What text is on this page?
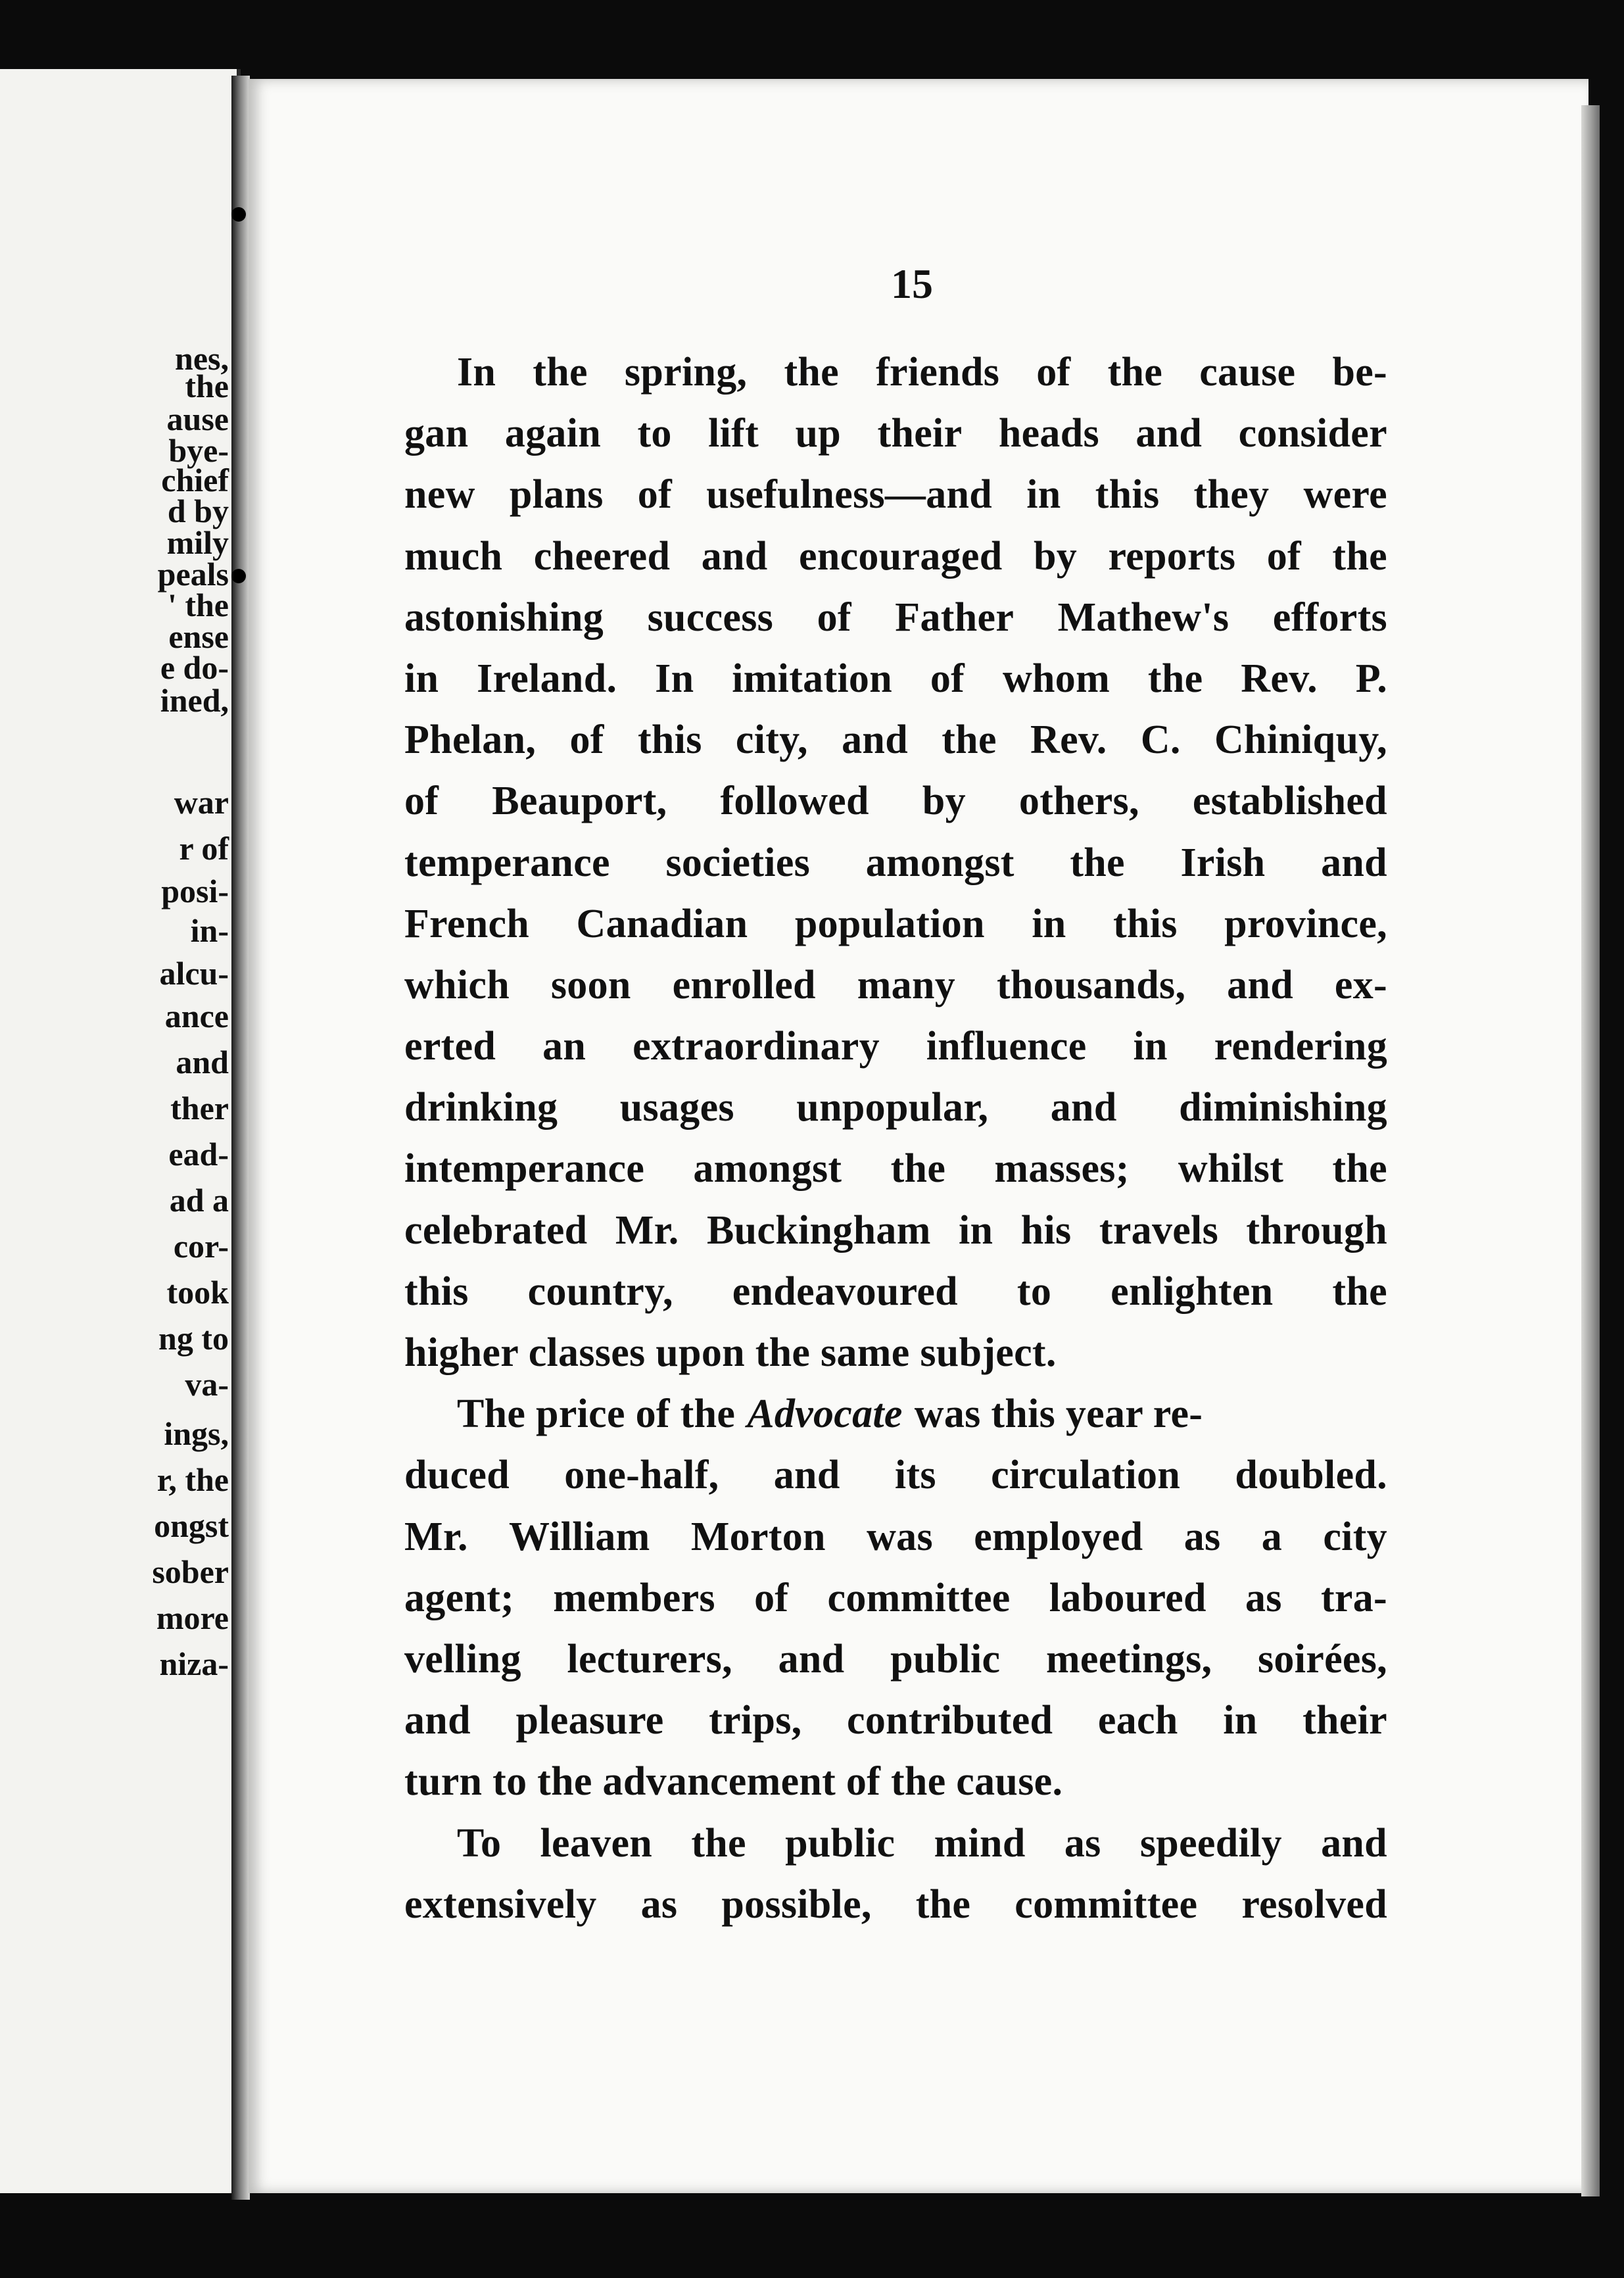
nes,
the
ause
bye-
chief
d by
mily
peals
' the
ense
e do-
ined,
war
r of
posi-
in-
alcu-
ance
and
ther
ead-
ad a
cor-
took
ng to
va-
ings,
r, the
ongst
sober
more
niza-
15
In the spring, the friends of the cause be-
gan again to lift up their heads and consider
new plans of usefulness—and in this they were
much cheered and encouraged by reports of the
astonishing success of Father Mathew's efforts
in Ireland. In imitation of whom the Rev. P.
Phelan, of this city, and the Rev. C. Chiniquy,
of Beauport, followed by others, established
temperance societies amongst the Irish and
French Canadian population in this province,
which soon enrolled many thousands, and ex-
erted an extraordinary influence in rendering
drinking usages unpopular, and diminishing
intemperance amongst the masses; whilst the
celebrated Mr. Buckingham in his travels through
this country, endeavoured to enlighten the
higher classes upon the same subject.
The price of the Advocate was this year re-
duced one-half, and its circulation doubled.
Mr. William Morton was employed as a city
agent; members of committee laboured as tra-
velling lecturers, and public meetings, soirées,
and pleasure trips, contributed each in their
turn to the advancement of the cause.
To leaven the public mind as speedily and
extensively as possible, the committee resolved
